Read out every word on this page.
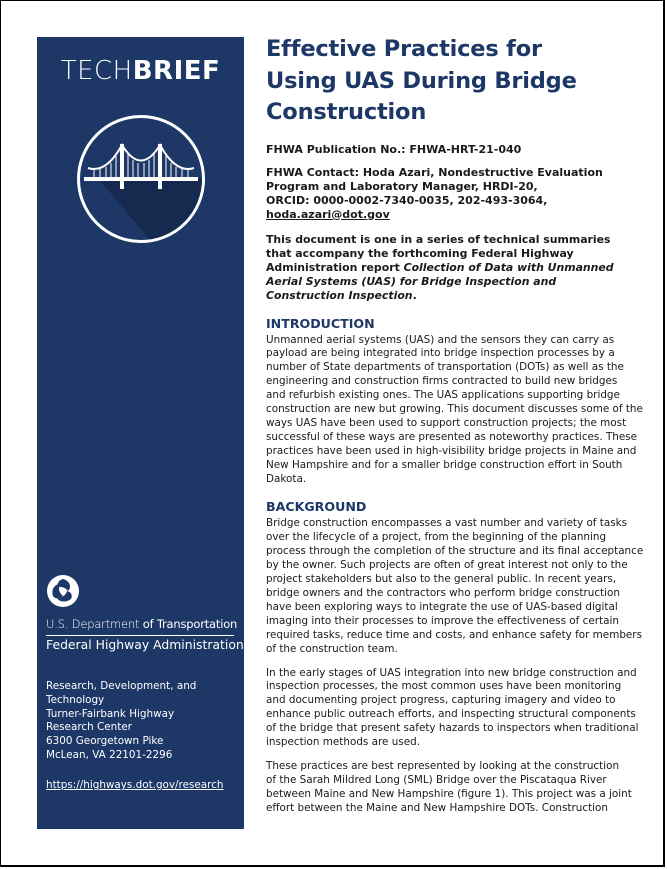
TECHBRIEF
U.S. Department of Transportation
Federal Highway Administration
Research, Development, and
Technology
Turner-Fairbank Highway
Research Center
6300 Georgetown Pike
McLean, VA 22101-2296
https://highways.dot.gov/research
Effective Practices for
Using UAS During Bridge
Construction
FHWA Publication No.: FHWA-HRT-21-040
FHWA Contact: Hoda Azari, Nondestructive Evaluation
Program and Laboratory Manager, HRDI-20,
ORCID: 0000-0002-7340-0035, 202-493-3064,
hoda.azari@dot.gov
This document is one in a series of technical summaries
that accompany the forthcoming Federal Highway
Administration report Collection of Data with Unmanned
Aerial Systems (UAS) for Bridge Inspection and
Construction Inspection.
INTRODUCTION
Unmanned aerial systems (UAS) and the sensors they can carry as
payload are being integrated into bridge inspection processes by a
number of State departments of transportation (DOTs) as well as the
engineering and construction firms contracted to build new bridges
and refurbish existing ones. The UAS applications supporting bridge
construction are new but growing. This document discusses some of the
ways UAS have been used to support construction projects; the most
successful of these ways are presented as noteworthy practices. These
practices have been used in high-visibility bridge projects in Maine and
New Hampshire and for a smaller bridge construction effort in South
Dakota.
BACKGROUND
Bridge construction encompasses a vast number and variety of tasks
over the lifecycle of a project, from the beginning of the planning
process through the completion of the structure and its final acceptance
by the owner. Such projects are often of great interest not only to the
project stakeholders but also to the general public. In recent years,
bridge owners and the contractors who perform bridge construction
have been exploring ways to integrate the use of UAS-based digital
imaging into their processes to improve the effectiveness of certain
required tasks, reduce time and costs, and enhance safety for members
of the construction team.
In the early stages of UAS integration into new bridge construction and
inspection processes, the most common uses have been monitoring
and documenting project progress, capturing imagery and video to
enhance public outreach efforts, and inspecting structural components
of the bridge that present safety hazards to inspectors when traditional
inspection methods are used.
These practices are best represented by looking at the construction
of the Sarah Mildred Long (SML) Bridge over the Piscataqua River
between Maine and New Hampshire (figure 1). This project was a joint
effort between the Maine and New Hampshire DOTs. Construction
